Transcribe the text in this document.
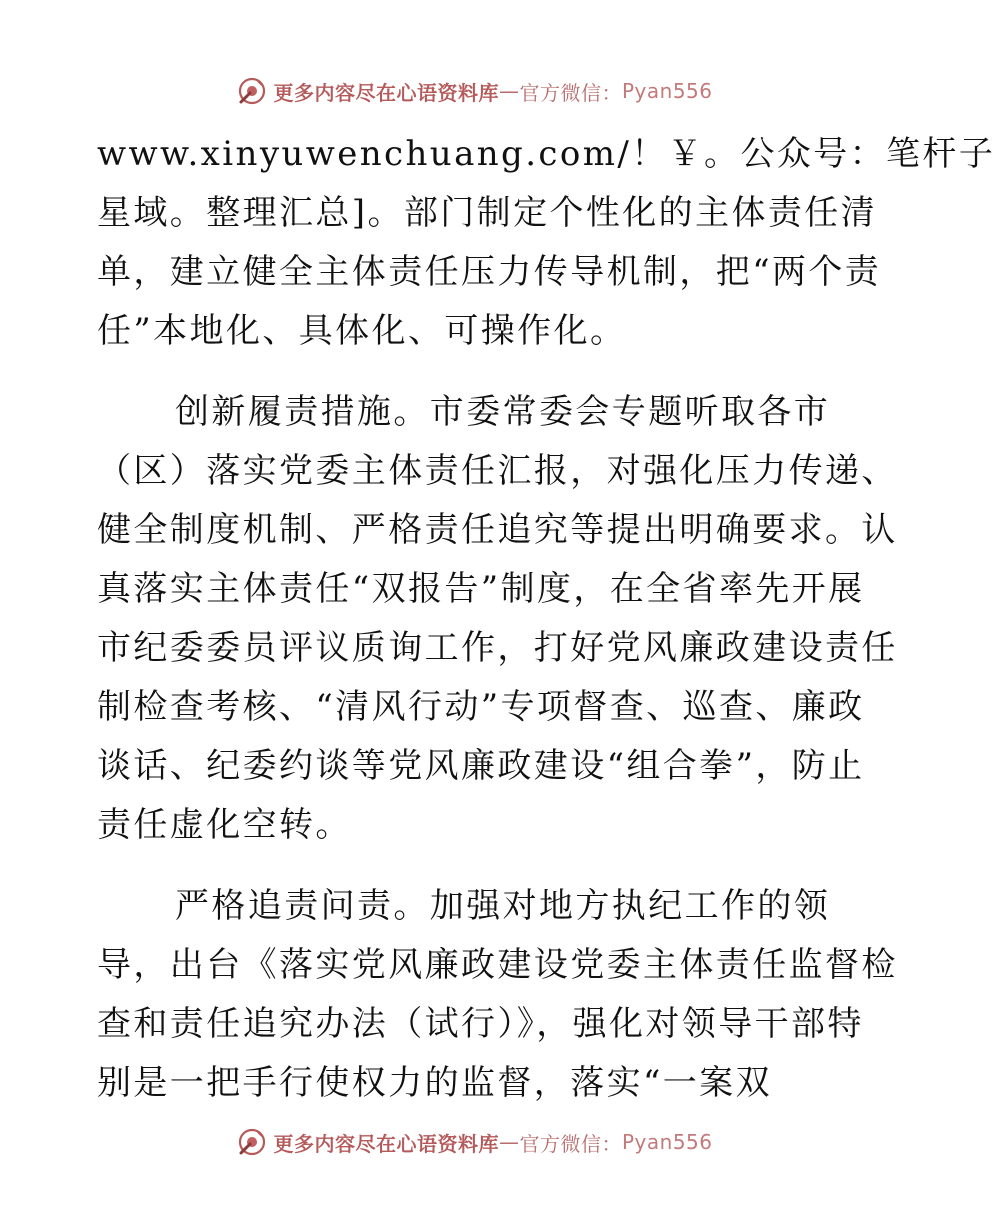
更多内容尽在心语资料库 — 官方微信： Pyan556

www.xinyuwenchuang.com/！￥。公众号：笔杆子
星域。整理汇总]。部门制定个性化的主体责任清
单，建立健全主体责任压力传导机制，把“两个责
任”本地化、具体化、可操作化。

创新履责措施。市委常委会专题听取各市
（区）落实党委主体责任汇报，对强化压力传递、
健全制度机制、严格责任追究等提出明确要求。认
真落实主体责任“双报告”制度，在全省率先开展
市纪委委员评议质询工作，打好党风廉政建设责任
制检查考核、“清风行动”专项督查、巡查、廉政
谈话、纪委约谈等党风廉政建设“组合拳”，防止
责任虚化空转。

严格追责问责。加强对地方执纪工作的领
导，出台《落实党风廉政建设党委主体责任监督检
查和责任追究办法（试行）》，强化对领导干部特
别是一把手行使权力的监督，落实“一案双

更多内容尽在心语资料库 — 官方微信： Pyan556
